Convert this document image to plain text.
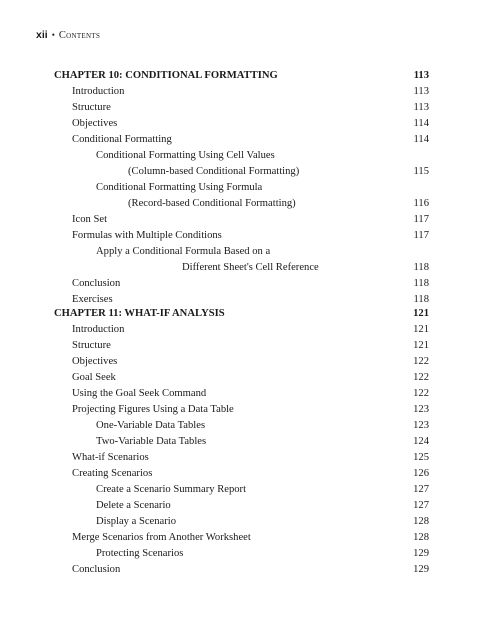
xii • Contents
CHAPTER 10: CONDITIONAL FORMATTING	113
Introduction	113
Structure	113
Objectives	114
Conditional Formatting	114
Conditional Formatting Using Cell Values
(Column-based Conditional Formatting)	115
Conditional Formatting Using Formula
(Record-based Conditional Formatting)	116
Icon Set	117
Formulas with Multiple Conditions	117
Apply a Conditional Formula Based on a
Different Sheet's Cell Reference	118
Conclusion	118
Exercises	118
CHAPTER 11: WHAT-IF ANALYSIS	121
Introduction	121
Structure	121
Objectives	122
Goal Seek	122
Using the Goal Seek Command	122
Projecting Figures Using a Data Table	123
One-Variable Data Tables	123
Two-Variable Data Tables	124
What-if Scenarios	125
Creating Scenarios	126
Create a Scenario Summary Report	127
Delete a Scenario	127
Display a Scenario	128
Merge Scenarios from Another Worksheet	128
Protecting Scenarios	129
Conclusion	129
